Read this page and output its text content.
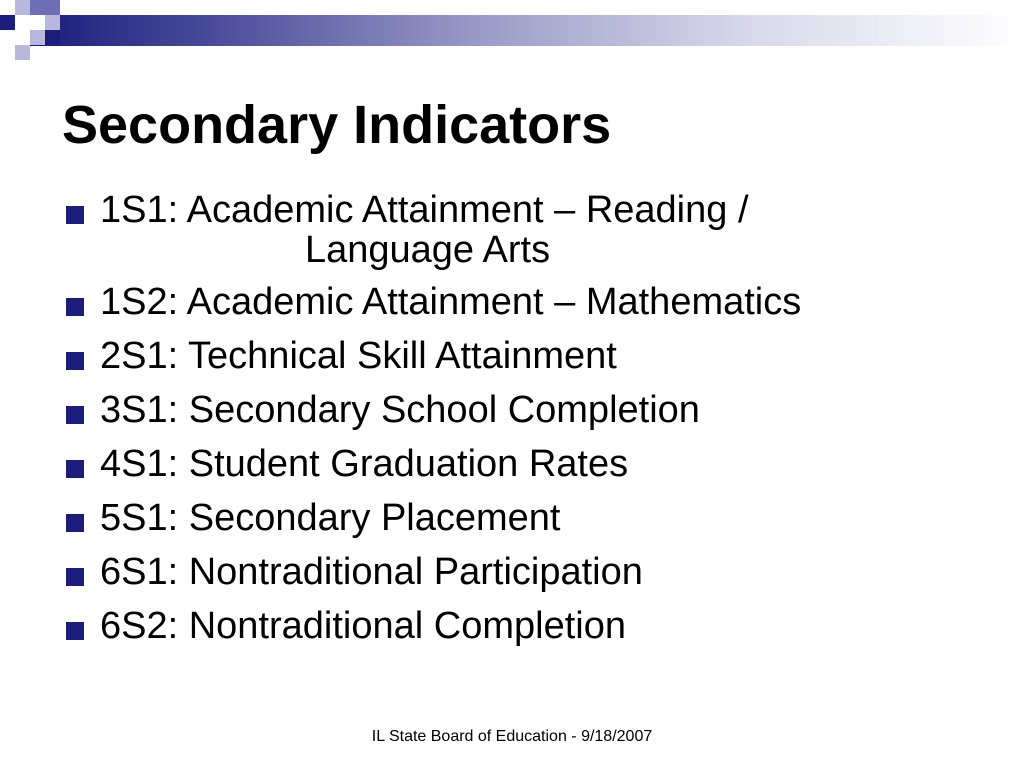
Secondary Indicators
1S1: Academic Attainment – Reading /
Language Arts
1S2: Academic Attainment – Mathematics
2S1: Technical Skill Attainment
3S1: Secondary School Completion
4S1: Student Graduation Rates
5S1: Secondary Placement
6S1: Nontraditional Participation
6S2: Nontraditional Completion
IL State Board of Education - 9/18/2007
